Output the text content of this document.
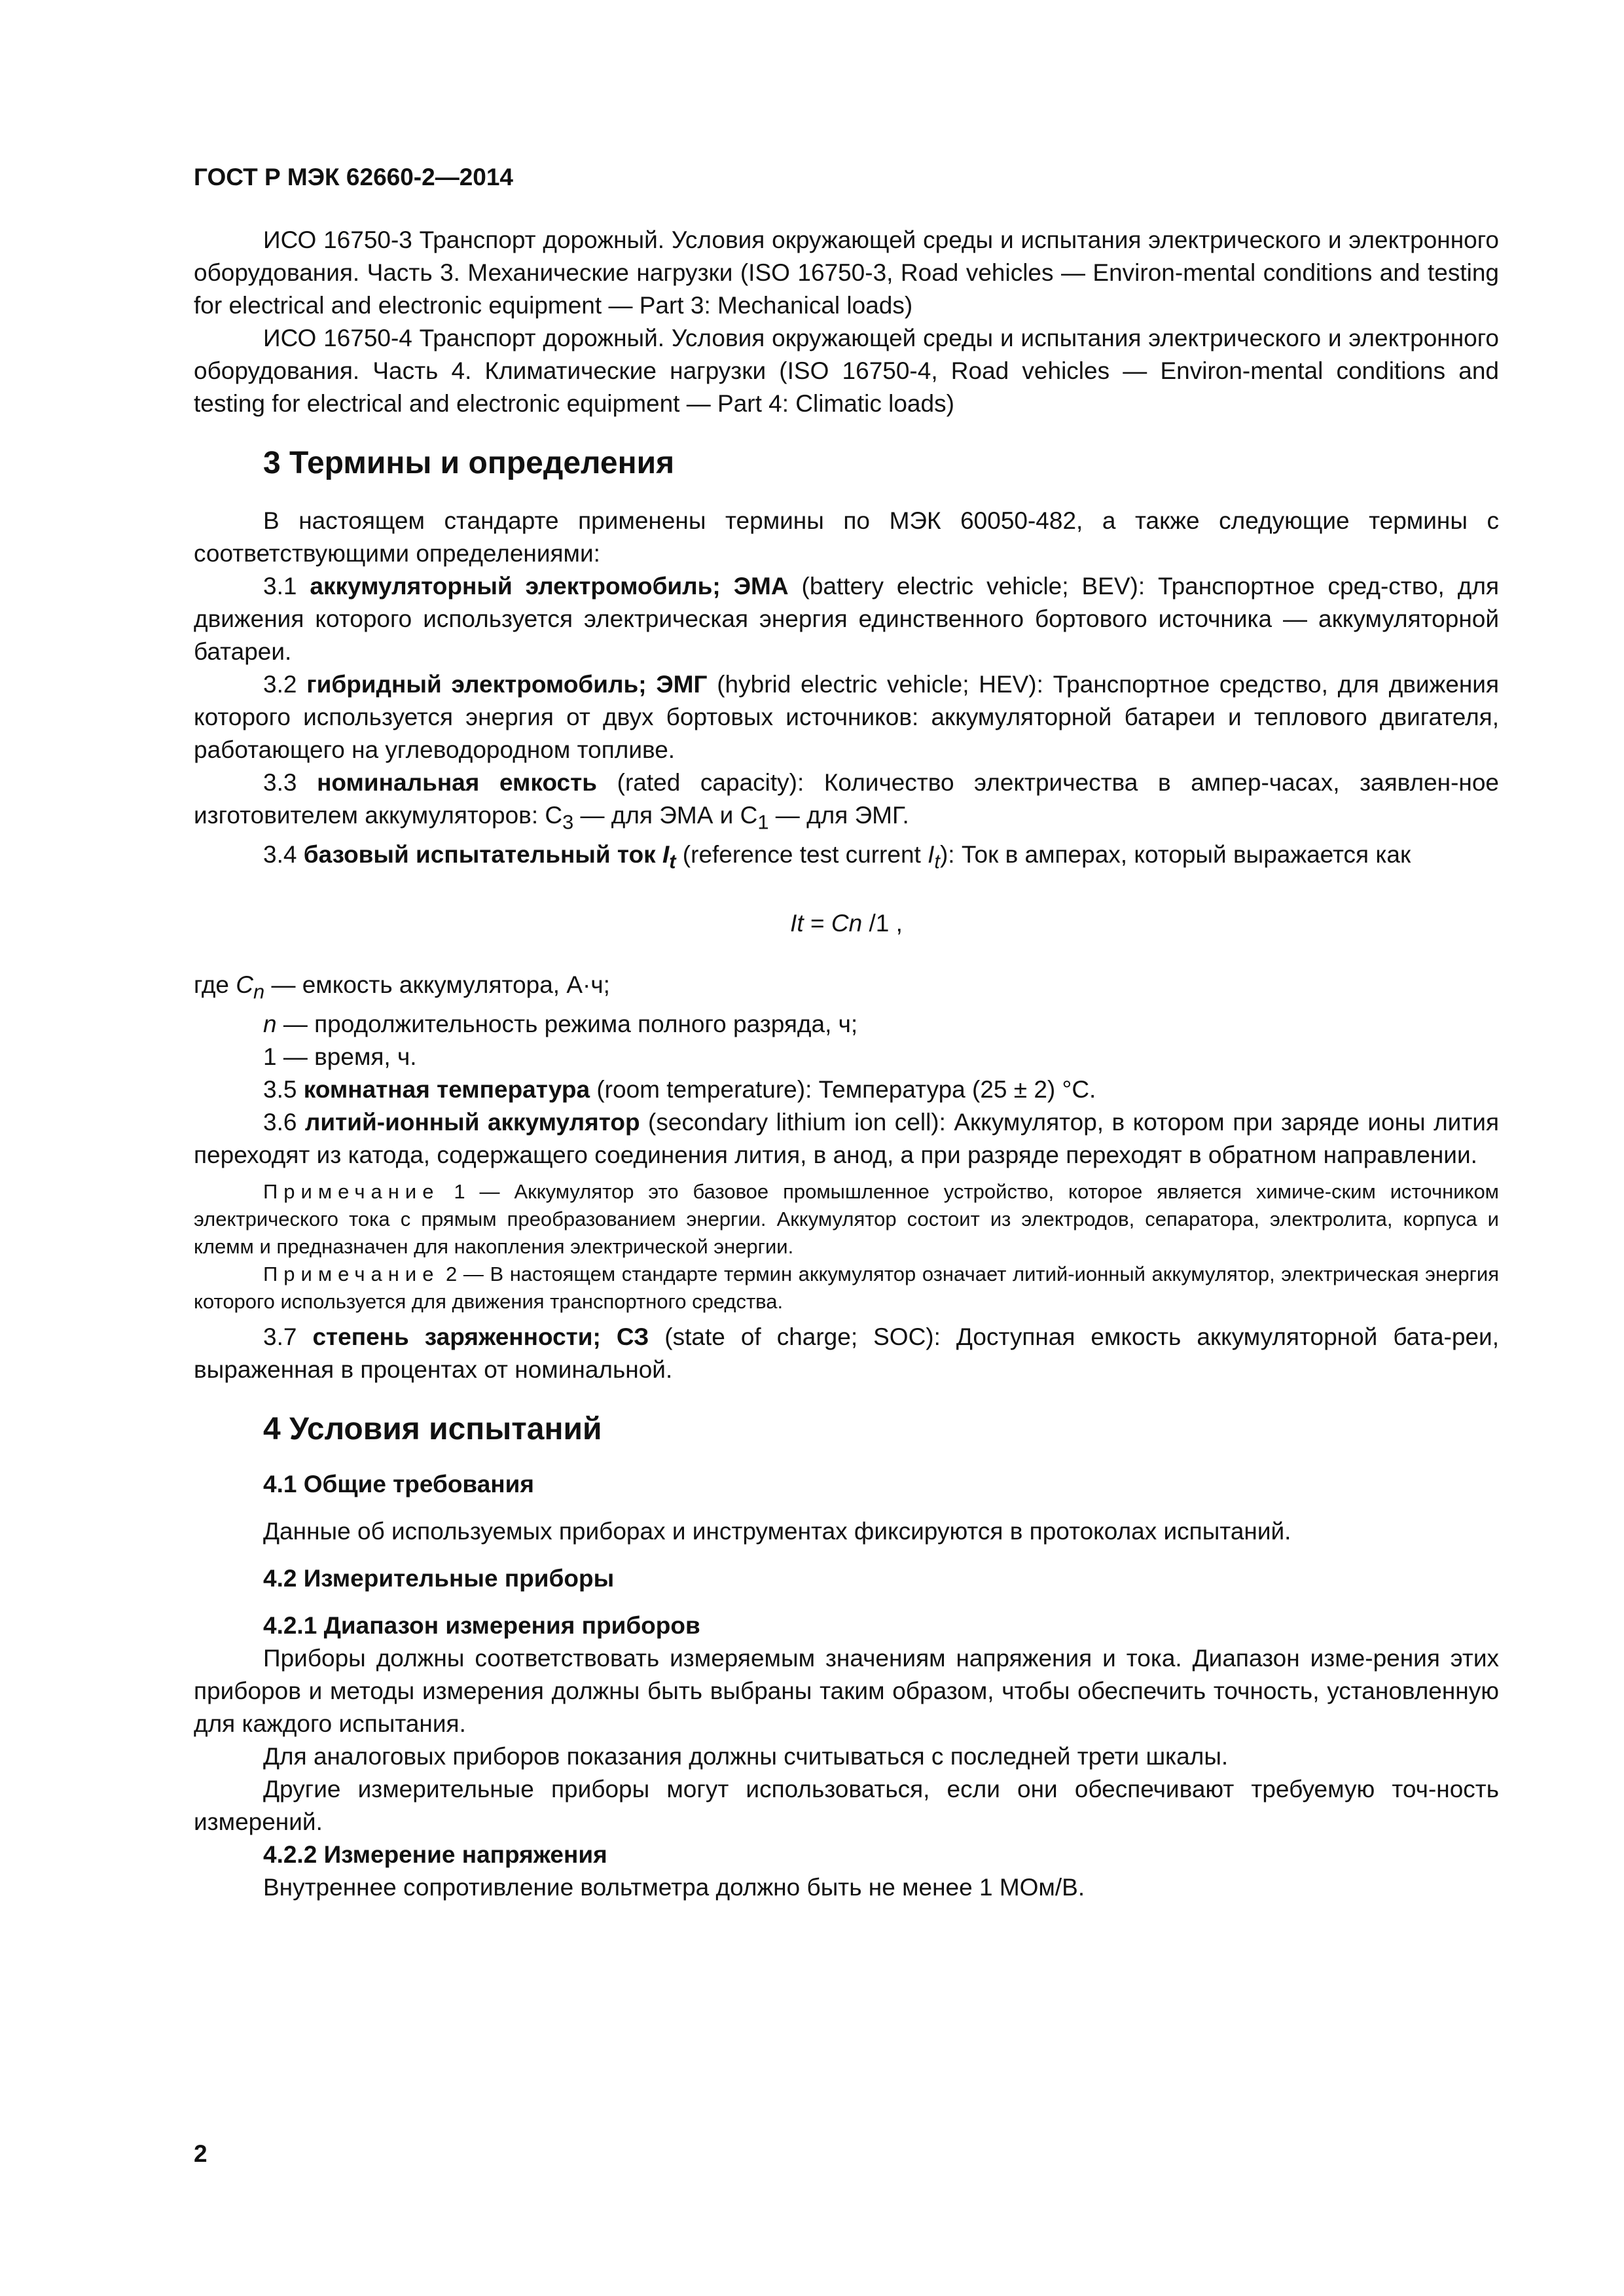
ГОСТ Р МЭК 62660-2—2014

ИСО 16750-3 Транспорт дорожный. Условия окружающей среды и испытания электрического и электронного оборудования. Часть 3. Механические нагрузки (ISO 16750-3, Road vehicles — Environ-mental conditions and testing for electrical and electronic equipment — Part 3: Mechanical loads)

ИСО 16750-4 Транспорт дорожный. Условия окружающей среды и испытания электрического и электронного оборудования. Часть 4. Климатические нагрузки (ISO 16750-4, Road vehicles — Environ-mental conditions and testing for electrical and electronic equipment — Part 4: Climatic loads)

3 Термины и определения

В настоящем стандарте применены термины по МЭК 60050-482, а также следующие термины с соответствующими определениями:

3.1 аккумуляторный электромобиль; ЭМА (battery electric vehicle; BEV): Транспортное сред-ство, для движения которого используется электрическая энергия единственного бортового источника — аккумуляторной батареи.

3.2 гибридный электромобиль; ЭМГ (hybrid electric vehicle; HEV): Транспортное средство, для движения которого используется энергия от двух бортовых источников: аккумуляторной батареи и теплового двигателя, работающего на углеводородном топливе.

3.3 номинальная емкость (rated capacity): Количество электричества в ампер-часах, заявлен-ное изготовителем аккумуляторов: $С_3$ — для ЭМА и $С_1$ — для ЭМГ.

3.4 базовый испытательный ток $I_t$ (reference test current $I_t$): Ток в амперах, который выражается как

It = Cn /1 ,

где $C_n$ — емкость аккумулятора, А·ч;

n — продолжительность режима полного разряда, ч;

1 — время, ч.

3.5 комнатная температура (room temperature): Температура (25 ± 2) °С.

3.6 литий-ионный аккумулятор (secondary lithium ion cell): Аккумулятор, в котором при заряде ионы лития переходят из катода, содержащего соединения лития, в анод, а при разряде переходят в обратном направлении.

Примечание 1 — Аккумулятор это базовое промышленное устройство, которое является химиче-ским источником электрического тока с прямым преобразованием энергии. Аккумулятор состоит из электродов, сепаратора, электролита, корпуса и клемм и предназначен для накопления электрической энергии.

Примечание 2 — В настоящем стандарте термин аккумулятор означает литий-ионный аккумулятор, электрическая энергия которого используется для движения транспортного средства.

3.7 степень заряженности; СЗ (state of charge; SOC): Доступная емкость аккумуляторной бата-реи, выраженная в процентах от номинальной.

4 Условия испытаний
4.1 Общие требования

Данные об используемых приборах и инструментах фиксируются в протоколах испытаний.

4.2 Измерительные приборы
4.2.1 Диапазон измерения приборов

Приборы должны соответствовать измеряемым значениям напряжения и тока. Диапазон изме-рения этих приборов и методы измерения должны быть выбраны таким образом, чтобы обеспечить точность, установленную для каждого испытания.

Для аналоговых приборов показания должны считываться с последней трети шкалы.

Другие измерительные приборы могут использоваться, если они обеспечивают требуемую точ-ность измерений.

4.2.2 Измерение напряжения

Внутреннее сопротивление вольтметра должно быть не менее 1 МОм/В.

2
